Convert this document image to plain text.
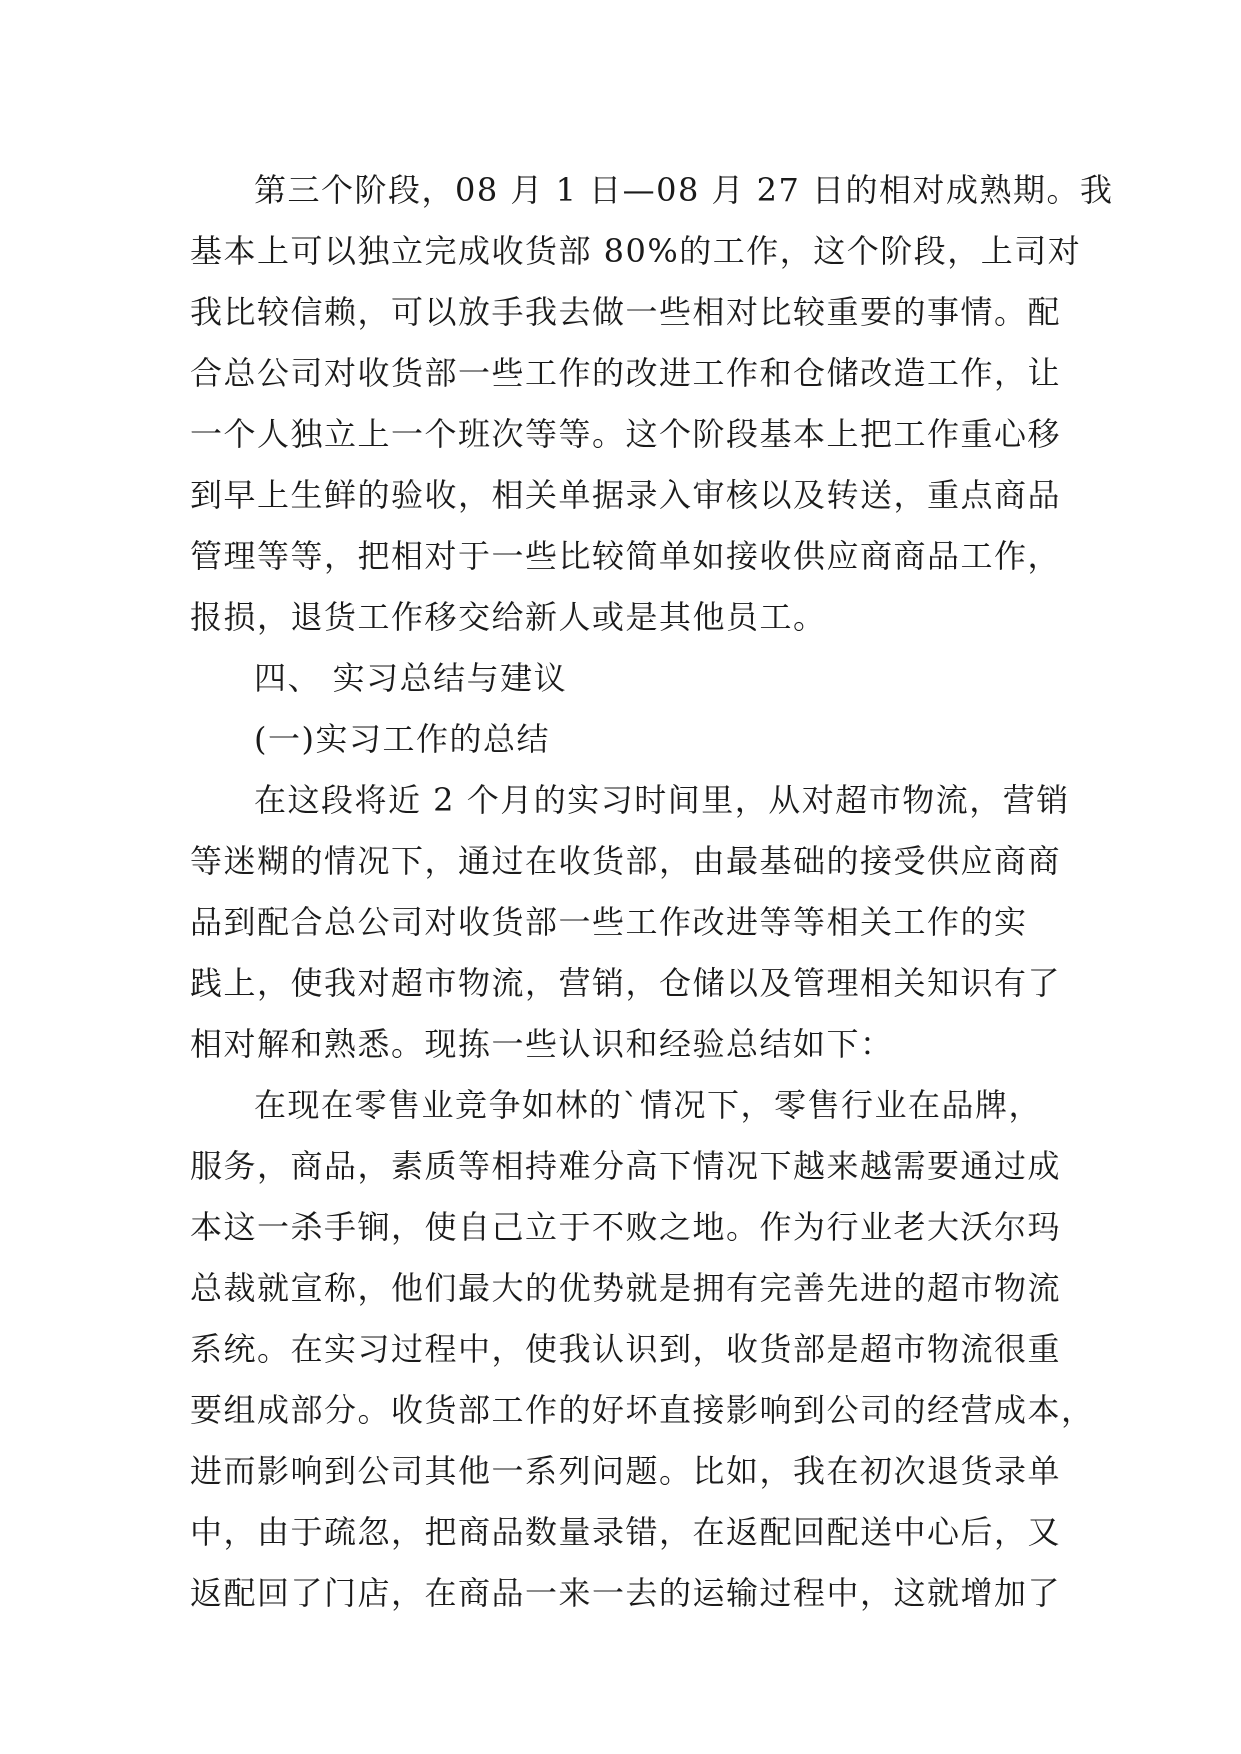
第三个阶段，08 月 1 日—08 月 27 日的相对成熟期。我
基本上可以独立完成收货部 80%的工作，这个阶段，上司对
我比较信赖，可以放手我去做一些相对比较重要的事情。配
合总公司对收货部一些工作的改进工作和仓储改造工作，让
一个人独立上一个班次等等。这个阶段基本上把工作重心移
到早上生鲜的验收，相关单据录入审核以及转送，重点商品
管理等等，把相对于一些比较简单如接收供应商商品工作，
报损，退货工作移交给新人或是其他员工。
四、 实习总结与建议
(一)实习工作的总结
在这段将近 2 个月的实习时间里，从对超市物流，营销
等迷糊的情况下，通过在收货部，由最基础的接受供应商商
品到配合总公司对收货部一些工作改进等等相关工作的实
践上，使我对超市物流，营销，仓储以及管理相关知识有了
相对解和熟悉。现拣一些认识和经验总结如下：
在现在零售业竞争如林的`情况下，零售行业在品牌，
服务，商品，素质等相持难分高下情况下越来越需要通过成
本这一杀手锏，使自己立于不败之地。作为行业老大沃尔玛
总裁就宣称，他们最大的优势就是拥有完善先进的超市物流
系统。在实习过程中，使我认识到，收货部是超市物流很重
要组成部分。收货部工作的好坏直接影响到公司的经营成本，
进而影响到公司其他一系列问题。比如，我在初次退货录单
中，由于疏忽，把商品数量录错，在返配回配送中心后，又
返配回了门店，在商品一来一去的运输过程中，这就增加了
